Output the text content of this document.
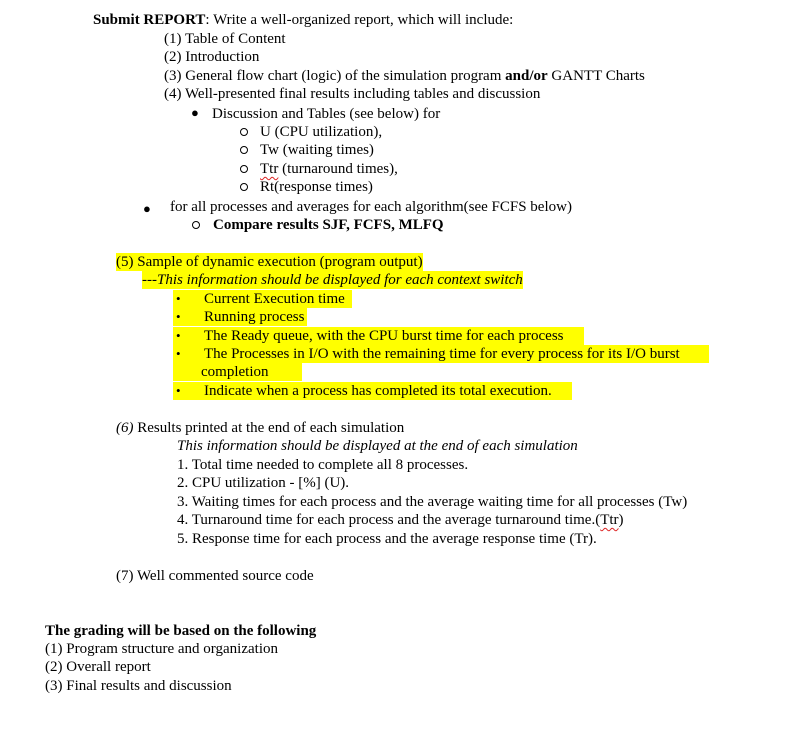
Submit REPORT: Write a well-organized report, which will include:
(1) Table of Content
(2) Introduction
(3) General flow chart (logic) of the simulation program and/or GANTT Charts
(4) Well-presented final results including tables and discussion
● Discussion and Tables (see below) for
U (CPU utilization),
Tw (waiting times)
Ttr (turnaround times),
Rt(response times)
● for all processes and averages for each algorithm(see FCFS below)
Compare results SJF, FCFS, MLFQ
(5) Sample of dynamic execution (program output)
---This information should be displayed for each context switch
• Current Execution time
• Running process
• The Ready queue, with the CPU burst time for each process
• The Processes in I/O with the remaining time for every process for its I/O burst
completion
• Indicate when a process has completed its total execution.
(6) Results printed at the end of each simulation
This information should be displayed at the end of each simulation
1. Total time needed to complete all 8 processes.
2. CPU utilization - [%] (U).
3. Waiting times for each process and the average waiting time for all processes (Tw)
4. Turnaround time for each process and the average turnaround time.(Ttr)
5. Response time for each process and the average response time (Tr).
(7) Well commented source code
The grading will be based on the following
(1) Program structure and organization
(2) Overall report
(3) Final results and discussion
